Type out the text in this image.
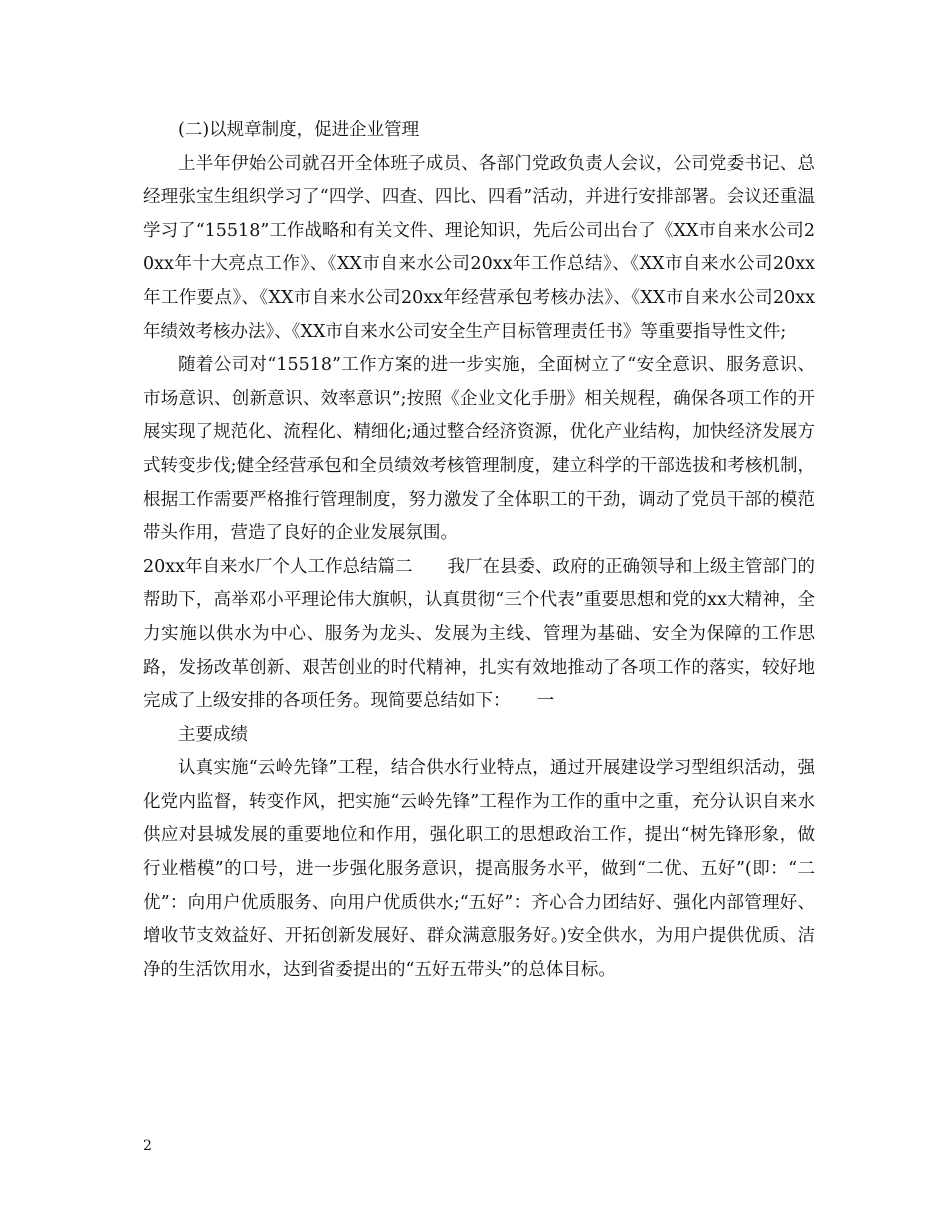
(二)以规章制度，促进企业管理

上半年伊始公司就召开全体班子成员、各部门党政负责人会议，公司党委书记、总经理张宝生组织学习了“四学、四查、四比、四看”活动，并进行安排部署。会议还重温学习了“15518”工作战略和有关文件、理论知识，先后公司出台了《XX市自来水公司20xx年十大亮点工作》、《XX市自来水公司20xx年工作总结》、《XX市自来水公司20xx年工作要点》、《XX市自来水公司20xx年经营承包考核办法》、《XX市自来水公司20xx年绩效考核办法》、《XX市自来水公司安全生产目标管理责任书》等重要指导性文件;

随着公司对“15518”工作方案的进一步实施，全面树立了“安全意识、服务意识、市场意识、创新意识、效率意识”;按照《企业文化手册》相关规程，确保各项工作的开展实现了规范化、流程化、精细化;通过整合经济资源，优化产业结构，加快经济发展方式转变步伐;健全经营承包和全员绩效考核管理制度，建立科学的干部选拔和考核机制，根据工作需要严格推行管理制度，努力激发了全体职工的干劲，调动了党员干部的模范带头作用，营造了良好的企业发展氛围。

20xx年自来水厂个人工作总结篇二　　我厂在县委、政府的正确领导和上级主管部门的帮助下，高举邓小平理论伟大旗帜，认真贯彻“三个代表”重要思想和党的xx大精神，全力实施以供水为中心、服务为龙头、发展为主线、管理为基础、安全为保障的工作思路，发扬改革创新、艰苦创业的时代精神，扎实有效地推动了各项工作的落实，较好地完成了上级安排的各项任务。现简要总结如下：　　一

主要成绩

认真实施“云岭先锋”工程，结合供水行业特点，通过开展建设学习型组织活动，强化党内监督，转变作风，把实施“云岭先锋”工程作为工作的重中之重，充分认识自来水供应对县城发展的重要地位和作用，强化职工的思想政治工作，提出“树先锋形象，做行业楷模”的口号，进一步强化服务意识，提高服务水平，做到“二优、五好”(即：“二优”：向用户优质服务、向用户优质供水;“五好”：齐心合力团结好、强化内部管理好、增收节支效益好、开拓创新发展好、群众满意服务好。)安全供水，为用户提供优质、洁净的生活饮用水，达到省委提出的“五好五带头”的总体目标。

2
